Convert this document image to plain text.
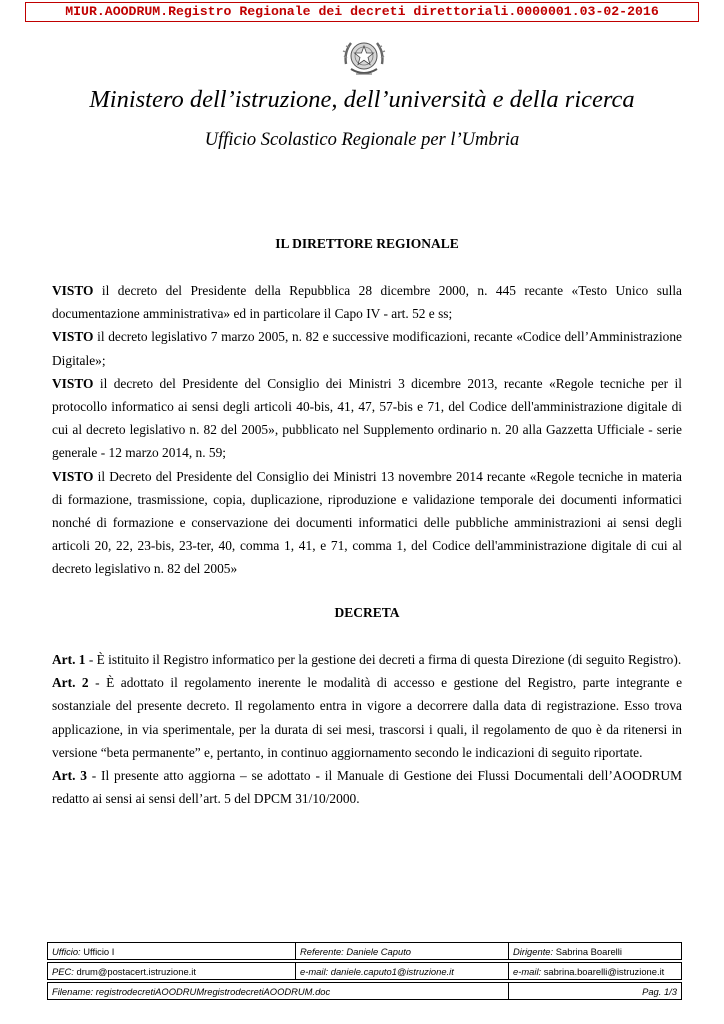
MIUR.AOODRUM.Registro Regionale dei decreti direttoriali.0000001.03-02-2016
Ministero dell’istruzione, dell’università e della ricerca
Ufficio Scolastico Regionale per l’Umbria
IL DIRETTORE REGIONALE

VISTO il decreto del Presidente della Repubblica 28 dicembre 2000, n. 445 recante «Testo Unico sulla documentazione amministrativa» ed in particolare il Capo IV - art. 52 e ss;

VISTO il decreto legislativo 7 marzo 2005, n. 82 e successive modificazioni, recante «Codice dell’Amministrazione Digitale»;

VISTO il decreto del Presidente del Consiglio dei Ministri 3 dicembre 2013, recante «Regole tecniche per il protocollo informatico ai sensi degli articoli 40-bis, 41, 47, 57-bis e 71, del Codice dell'amministrazione digitale di cui al decreto legislativo n. 82 del 2005», pubblicato nel Supplemento ordinario n. 20 alla Gazzetta Ufficiale - serie generale - 12 marzo 2014, n. 59;

VISTO il Decreto del Presidente del Consiglio dei Ministri 13 novembre 2014 recante «Regole tecniche in materia di formazione, trasmissione, copia, duplicazione, riproduzione e validazione temporale dei documenti informatici nonché di formazione e conservazione dei documenti informatici delle pubbliche amministrazioni ai sensi degli articoli 20, 22, 23-bis, 23-ter, 40, comma 1, 41, e 71, comma 1, del Codice dell'amministrazione digitale di cui al decreto legislativo n. 82 del 2005»

DECRETA

Art. 1 - È istituito il Registro informatico per la gestione dei decreti a firma di questa Direzione (di seguito Registro).

Art. 2 - È adottato il regolamento inerente le modalità di accesso e gestione del Registro, parte integrante e sostanziale del presente decreto. Il regolamento entra in vigore a decorrere dalla data di registrazione. Esso trova applicazione, in via sperimentale, per la durata di sei mesi, trascorsi i quali, il regolamento de quo è da ritenersi in versione “beta permanente” e, pertanto, in continuo aggiornamento secondo le indicazioni di seguito riportate.

Art. 3 - Il presente atto aggiorna – se adottato - il Manuale di Gestione dei Flussi Documentali dell’AOODRUM redatto ai sensi ai sensi dell’art. 5 del DPCM 31/10/2000.

Ufficio: Ufficio I	Referente: Daniele Caputo	Dirigente: Sabrina Boarelli

PEC: drum@postacert.istruzione.it	e-mail: daniele.caputo1@istruzione.it	e-mail: sabrina.boarelli@istruzione.it

Filename: registrodecretiAOODRUMregistrodecretiAOODRUM.doc		Pag. 1/3
